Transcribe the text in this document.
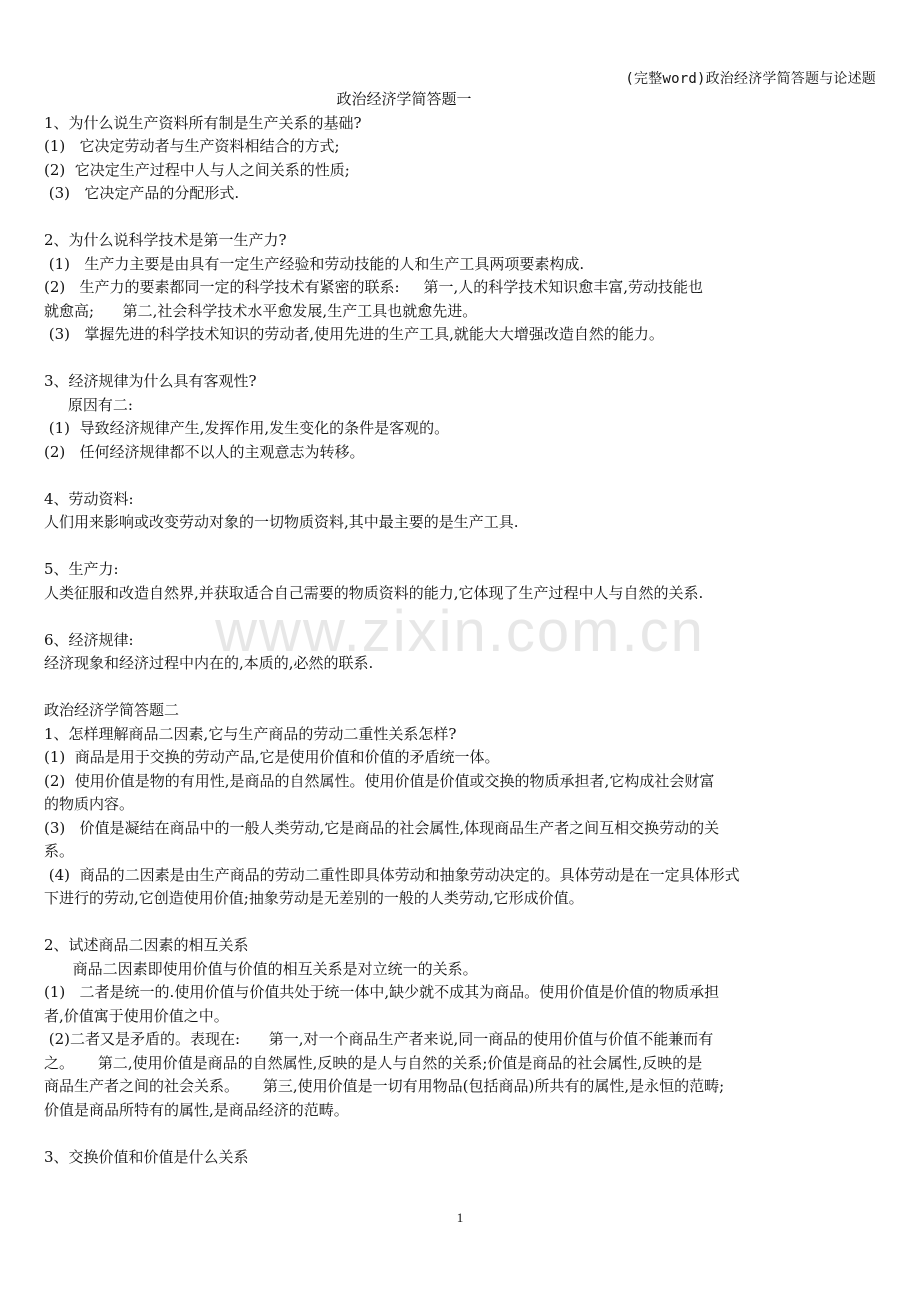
(完整word)政治经济学简答题与论述题
政治经济学简答题一
1、为什么说生产资料所有制是生产关系的基础?
(1)   它决定劳动者与生产资料相结合的方式;
(2)  它决定生产过程中人与人之间关系的性质;
(3)   它决定产品的分配形式.
2、为什么说科学技术是第一生产力?
(1)   生产力主要是由具有一定生产经验和劳动技能的人和生产工具两项要素构成.
(2)   生产力的要素都同一定的科学技术有紧密的联系:     第一,人的科学技术知识愈丰富,劳动技能也
就愈高;      第二,社会科学技术水平愈发展,生产工具也就愈先进。
(3)   掌握先进的科学技术知识的劳动者,使用先进的生产工具,就能大大增强改造自然的能力。
3、经济规律为什么具有客观性?
原因有二:
(1)  导致经济规律产生,发挥作用,发生变化的条件是客观的。
(2)   任何经济规律都不以人的主观意志为转移。
4、劳动资料:
人们用来影响或改变劳动对象的一切物质资料,其中最主要的是生产工具.
5、生产力:
人类征服和改造自然界,并获取适合自己需要的物质资料的能力,它体现了生产过程中人与自然的关系.
6、经济规律:
经济现象和经济过程中内在的,本质的,必然的联系.
政治经济学简答题二
1、怎样理解商品二因素,它与生产商品的劳动二重性关系怎样?
(1)  商品是用于交换的劳动产品,它是使用价值和价值的矛盾统一体。
(2)  使用价值是物的有用性,是商品的自然属性。使用价值是价值或交换的物质承担者,它构成社会财富
的物质内容。
(3)   价值是凝结在商品中的一般人类劳动,它是商品的社会属性,体现商品生产者之间互相交换劳动的关
系。
(4)  商品的二因素是由生产商品的劳动二重性即具体劳动和抽象劳动决定的。具体劳动是在一定具体形式
下进行的劳动,它创造使用价值;抽象劳动是无差别的一般的人类劳动,它形成价值。
2、试述商品二因素的相互关系
商品二因素即使用价值与价值的相互关系是对立统一的关系。
(1)   二者是统一的.使用价值与价值共处于统一体中,缺少就不成其为商品。使用价值是价值的物质承担
者,价值寓于使用价值之中。
(2)二者又是矛盾的。表现在:      第一,对一个商品生产者来说,同一商品的使用价值与价值不能兼而有
之。     第二,使用价值是商品的自然属性,反映的是人与自然的关系;价值是商品的社会属性,反映的是
商品生产者之间的社会关系。     第三,使用价值是一切有用物品(包括商品)所共有的属性,是永恒的范畴;
价值是商品所特有的属性,是商品经济的范畴。
3、交换价值和价值是什么关系
www.zixin.com.cn
1
